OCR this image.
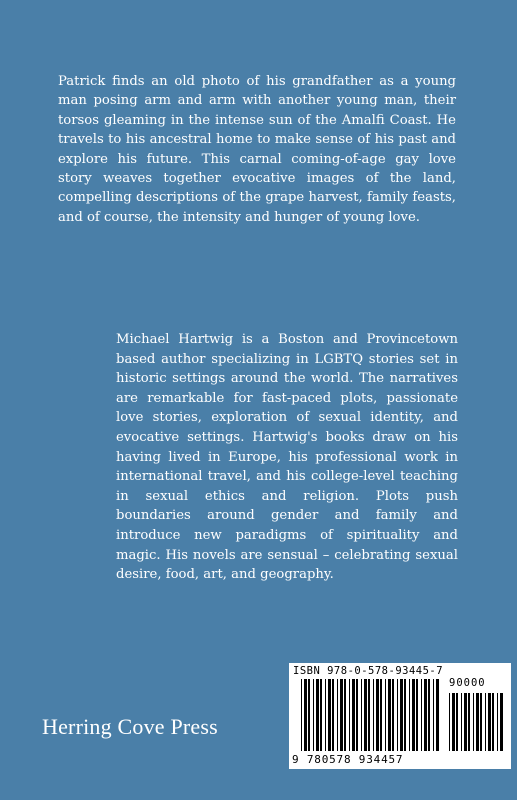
Patrick finds an old photo of his grandfather as a young man posing arm and arm with another young man, their torsos gleaming in the intense sun of the Amalfi Coast. He travels to his ancestral home to make sense of his past and explore his future. This carnal coming-of-age gay love story weaves together evocative images of the land, compelling descriptions of the grape harvest, family feasts, and of course, the intensity and hunger of young love.

Michael Hartwig is a Boston and Provincetown based author specializing in LGBTQ stories set in historic settings around the world. The narratives are remarkable for fast-paced plots, passionate love stories, exploration of sexual identity, and evocative settings. Hartwig's books draw on his having lived in Europe, his professional work in international travel, and his college-level teaching in sexual ethics and religion. Plots push boundaries around gender and family and introduce new paradigms of spirituality and magic. His novels are sensual – celebrating sexual desire, food, art, and geography.

Herring Cove Press

ISBN 978-0-578-93445-7
90000
9 780578 934457
